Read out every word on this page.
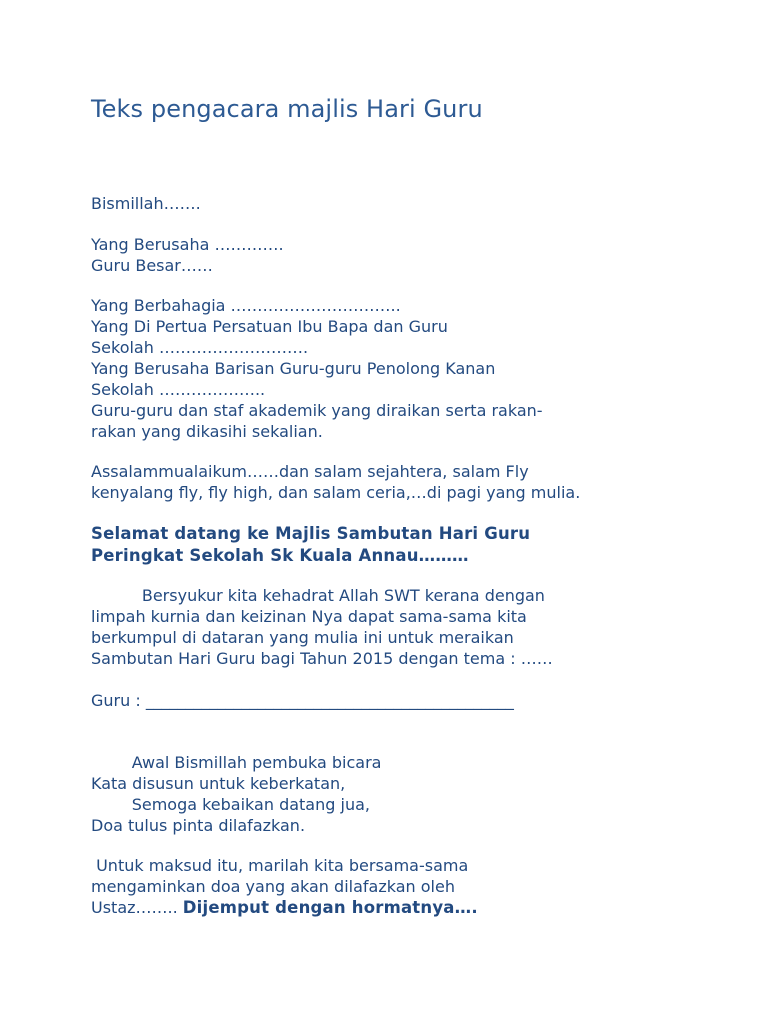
Teks pengacara majlis Hari Guru
Bismillah…….
Yang Berusaha ………….
Guru Besar……
Yang Berbahagia …………………………..
Yang Di Pertua Persatuan Ibu Bapa dan Guru
Sekolah ……………………….
Yang Berusaha Barisan Guru-guru Penolong Kanan
Sekolah ………………..
Guru-guru dan staf akademik yang diraikan serta rakan-
rakan yang dikasihi sekalian.
Assalammualaikum……dan salam sejahtera, salam Fly
kenyalang fly, fly high, dan salam ceria,…di pagi yang mulia.
Selamat datang ke Majlis Sambutan Hari Guru
Peringkat Sekolah Sk Kuala Annau………
Bersyukur kita kehadrat Allah SWT kerana dengan
limpah kurnia dan keizinan Nya dapat sama-sama kita
berkumpul di dataran yang mulia ini untuk meraikan
Sambutan Hari Guru bagi Tahun 2015 dengan tema : ……
Guru : ______________________________________________
Awal Bismillah pembuka bicara
Kata disusun untuk keberkatan,
Semoga kebaikan datang jua,
Doa tulus pinta dilafazkan.
Untuk maksud itu, marilah kita bersama-sama
mengaminkan doa yang akan dilafazkan oleh
Ustaz…….. Dijemput dengan hormatnya….
